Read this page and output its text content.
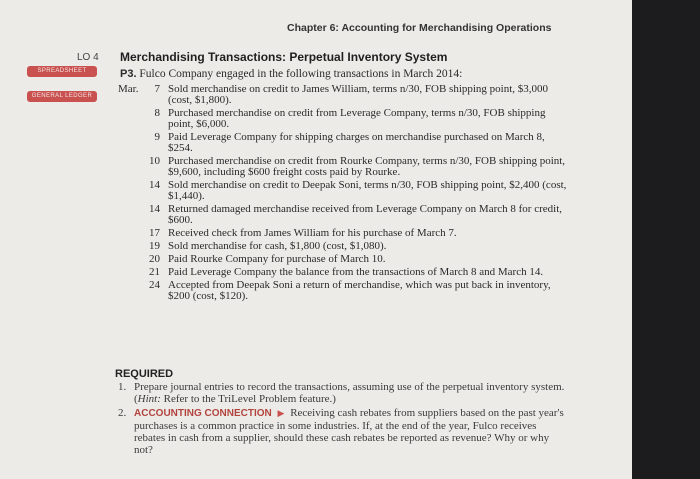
Chapter 6: Accounting for Merchandising Operations
LO 4
SPREADSHEET
GENERAL LEDGER
Merchandising Transactions: Perpetual Inventory System
P3. Fulco Company engaged in the following transactions in March 2014:
Mar.	7 Sold merchandise on credit to James William, terms n/30, FOB shipping point, $3,000 (cost, $1,800).
8 Purchased merchandise on credit from Leverage Company, terms n/30, FOB shipping point, $6,000.
9 Paid Leverage Company for shipping charges on merchandise purchased on March 8, $254.
10 Purchased merchandise on credit from Rourke Company, terms n/30, FOB shipping point, $9,600, including $600 freight costs paid by Rourke.
14 Sold merchandise on credit to Deepak Soni, terms n/30, FOB shipping point, $2,400 (cost, $1,440).
14 Returned damaged merchandise received from Leverage Company on March 8 for credit, $600.
17 Received check from James William for his purchase of March 7.
19 Sold merchandise for cash, $1,800 (cost, $1,080).
20 Paid Rourke Company for purchase of March 10.
21 Paid Leverage Company the balance from the transactions of March 8 and March 14.
24 Accepted from Deepak Soni a return of merchandise, which was put back in inventory, $200 (cost, $120).
REQUIRED
1. Prepare journal entries to record the transactions, assuming use of the perpetual inventory system. (Hint: Refer to the TriLevel Problem feature.)
2. ACCOUNTING CONNECTION ▶ Receiving cash rebates from suppliers based on the past year's purchases is a common practice in some industries. If, at the end of the year, Fulco receives rebates in cash from a supplier, should these cash rebates be reported as revenue? Why or why not?
